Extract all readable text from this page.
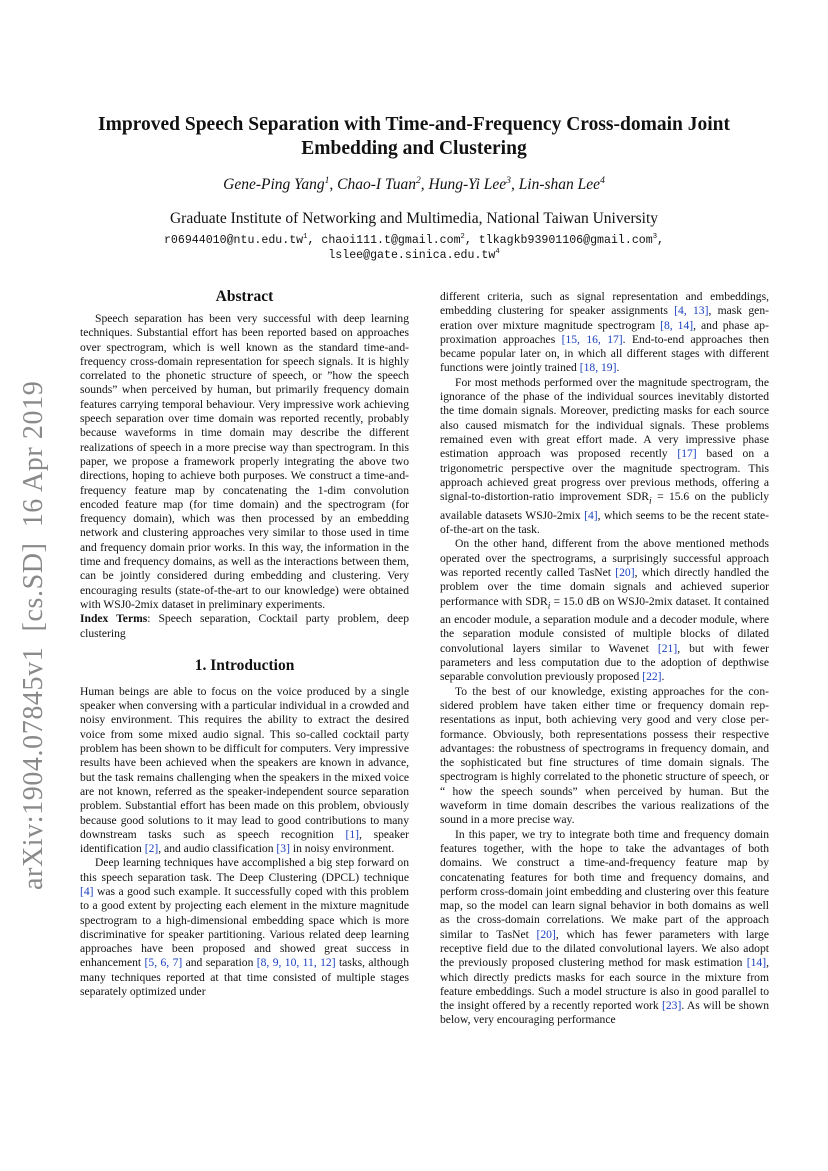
arXiv:1904.07845v1  [cs.SD]  16 Apr 2019
Improved Speech Separation with Time-and-Frequency Cross-domain Joint Embedding and Clustering
Gene-Ping Yang$^1$, Chao-I Tuan$^2$, Hung-Yi Lee$^3$, Lin-shan Lee$^4$
Graduate Institute of Networking and Multimedia, National Taiwan University
$r06944010@ntu.edu.tw^1$, chaoi111.t@gmail.com$^2$, tlkagkb93901106@gmail.com$^3$,
$lslee@gate.sinica.edu.tw^4$
Abstract

Speech separation has been very successful with deep learning techniques. Substantial effort has been reported based on approaches over spectrogram, which is well known as the standard time-and-frequency cross-domain representation for speech signals. It is highly correlated to the phonetic structure of speech, or ”how the speech sounds” when perceived by human, but primarily frequency domain features carrying temporal behaviour. Very impressive work achieving speech separation over time domain was reported recently, probably because waveforms in time domain may describe the different realizations of speech in a more precise way than spectrogram. In this paper, we propose a framework properly integrating the above two directions, hoping to achieve both purposes. We construct a time-and-frequency feature map by concatenating the 1-dim convolution encoded feature map (for time domain) and the spectrogram (for frequency domain), which was then processed by an embedding network and clustering approaches very similar to those used in time and frequency domain prior works. In this way, the information in the time and frequency domains, as well as the interactions between them, can be jointly considered during embedding and clustering. Very encouraging results (state-of-the-art to our knowledge) were obtained with WSJ0-2mix dataset in preliminary experiments.

Index Terms: Speech separation, Cocktail party problem, deep clustering

1. Introduction

Human beings are able to focus on the voice produced by a single speaker when conversing with a particular individual in a crowded and noisy environment. This requires the ability to extract the desired voice from some mixed audio signal. This so-called cocktail party problem has been shown to be difficult for computers. Very impressive results have been achieved when the speakers are known in advance, but the task remains challenging when the speakers in the mixed voice are not known, referred as the speaker-independent source separation problem. Substantial effort has been made on this problem, obviously because good solutions to it may lead to good contributions to many downstream tasks such as speech recognition [1], speaker identification [2], and audio classification [3] in noisy environment.

Deep learning techniques have accomplished a big step forward on this speech separation task. The Deep Clustering (DPCL) technique [4] was a good such example. It successfully coped with this problem to a good extent by projecting each element in the mixture magnitude spectrogram to a high-dimensional embedding space which is more discriminative for speaker partitioning. Various related deep learning approaches have been proposed and showed great success in enhancement [5, 6, 7] and separation [8, 9, 10, 11, 12] tasks, although many techniques reported at that time consisted of multiple stages separately optimized under

different criteria, such as signal representation and embeddings, embedding clustering for speaker assignments [4, 13], mask generation over mixture magnitude spectrogram [8, 14], and phase approximation approaches [15, 16, 17]. End-to-end approaches then became popular later on, in which all different stages with different functions were jointly trained [18, 19].

For most methods performed over the magnitude spectrogram, the ignorance of the phase of the individual sources inevitably distorted the time domain signals. Moreover, predicting masks for each source also caused mismatch for the individual signals. These problems remained even with great effort made. A very impressive phase estimation approach was proposed recently [17] based on a trigonometric perspective over the magnitude spectrogram. This approach achieved great progress over previous methods, offering a signal-to-distortion-ratio improvement $SDR_i = 15.6$ on the publicly available datasets WSJ0-2mix [4], which seems to be the recent state-of-the-art on the task.

On the other hand, different from the above mentioned methods operated over the spectrograms, a surprisingly successful approach was reported recently called TasNet [20], which directly handled the problem over the time domain signals and achieved superior performance with $SDR_i = 15.0$ dB on WSJ0-2mix dataset. It contained an encoder module, a separation module and a decoder module, where the separation module consisted of multiple blocks of dilated convolutional layers similar to Wavenet [21], but with fewer parameters and less computation due to the adoption of depthwise separable convolution previously proposed [22].

To the best of our knowledge, existing approaches for the considered problem have taken either time or frequency domain representations as input, both achieving very good and very close performance. Obviously, both representations possess their respective advantages: the robustness of spectrograms in frequency domain, and the sophisticated but fine structures of time domain signals. The spectrogram is highly correlated to the phonetic structure of speech, or “ how the speech sounds” when perceived by human. But the waveform in time domain describes the various realizations of the sound in a more precise way.

In this paper, we try to integrate both time and frequency domain features together, with the hope to take the advantages of both domains. We construct a time-and-frequency feature map by concatenating features for both time and frequency domains, and perform cross-domain joint embedding and clustering over this feature map, so the model can learn signal behavior in both domains as well as the cross-domain correlations. We make part of the approach similar to TasNet [20], which has fewer parameters with large receptive field due to the dilated convolutional layers. We also adopt the previously proposed clustering method for mask estimation [14], which directly predicts masks for each source in the mixture from feature embeddings. Such a model structure is also in good parallel to the insight offered by a recently reported work [23]. As will be shown below, very encouraging performance
